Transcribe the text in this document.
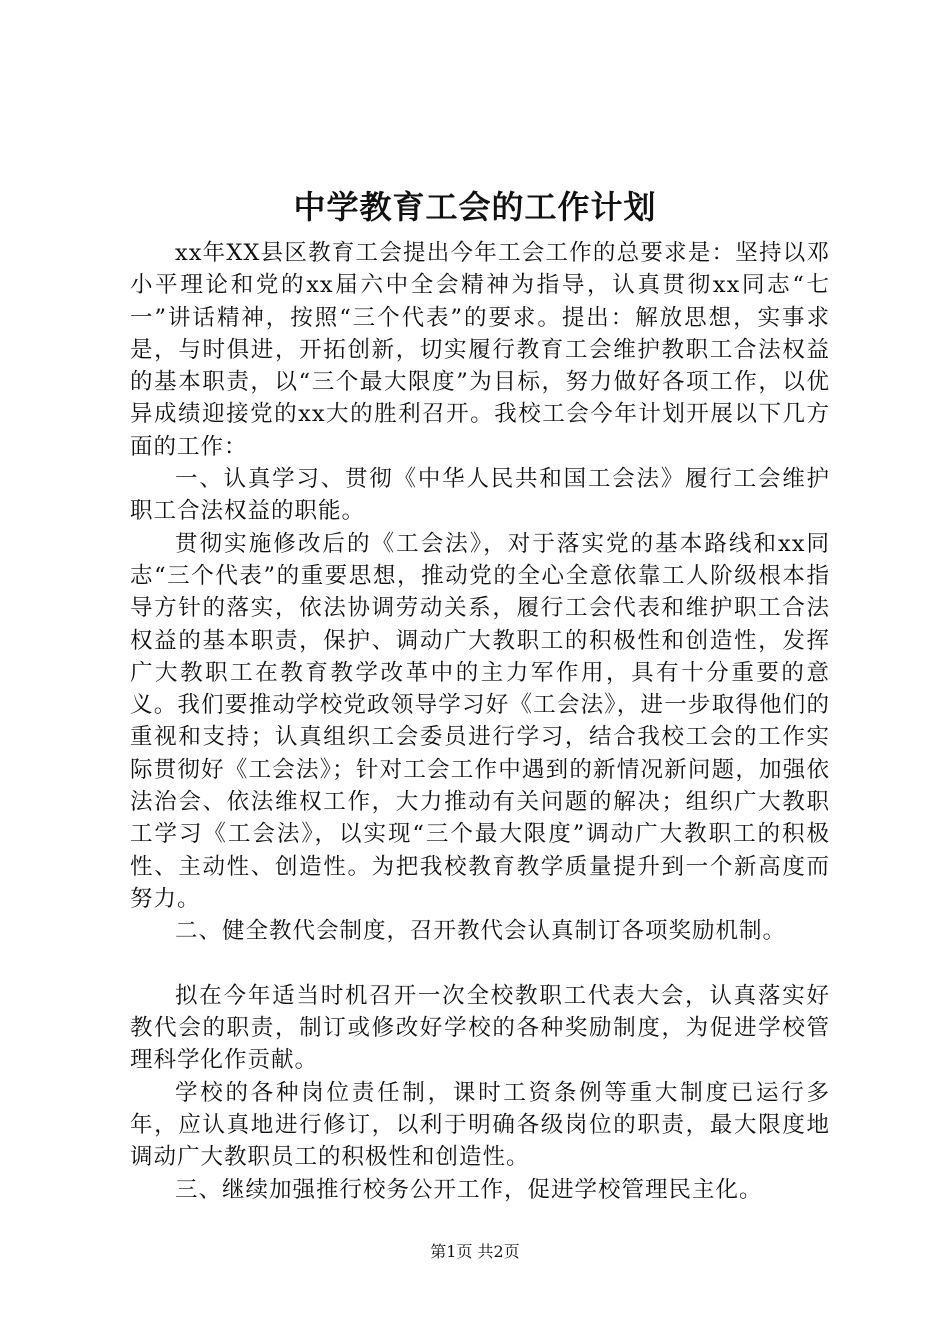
中学教育工会的工作计划

xx年XX县区教育工会提出今年工会工作的总要求是：坚持以邓小平理论和党的xx届六中全会精神为指导，认真贯彻xx同志“七一”讲话精神，按照“三个代表”的要求。提出：解放思想，实事求是，与时俱进，开拓创新，切实履行教育工会维护教职工合法权益的基本职责，以“三个最大限度”为目标，努力做好各项工作，以优异成绩迎接党的xx大的胜利召开。我校工会今年计划开展以下几方面的工作：

一、认真学习、贯彻《中华人民共和国工会法》履行工会维护职工合法权益的职能。

贯彻实施修改后的《工会法》，对于落实党的基本路线和xx同志“三个代表”的重要思想，推动党的全心全意依靠工人阶级根本指导方针的落实，依法协调劳动关系，履行工会代表和维护职工合法权益的基本职责，保护、调动广大教职工的积极性和创造性，发挥广大教职工在教育教学改革中的主力军作用，具有十分重要的意义。我们要推动学校党政领导学习好《工会法》，进一步取得他们的重视和支持；认真组织工会委员进行学习，结合我校工会的工作实际贯彻好《工会法》；针对工会工作中遇到的新情况新问题，加强依法治会、依法维权工作，大力推动有关问题的解决；组织广大教职工学习《工会法》，以实现“三个最大限度”调动广大教职工的积极性、主动性、创造性。为把我校教育教学质量提升到一个新高度而努力。

二、健全教代会制度，召开教代会认真制订各项奖励机制。

拟在今年适当时机召开一次全校教职工代表大会，认真落实好教代会的职责，制订或修改好学校的各种奖励制度，为促进学校管理科学化作贡献。

学校的各种岗位责任制，课时工资条例等重大制度已运行多年，应认真地进行修订，以利于明确各级岗位的职责，最大限度地调动广大教职员工的积极性和创造性。

三、继续加强推行校务公开工作，促进学校管理民主化。

第1页 共2页
